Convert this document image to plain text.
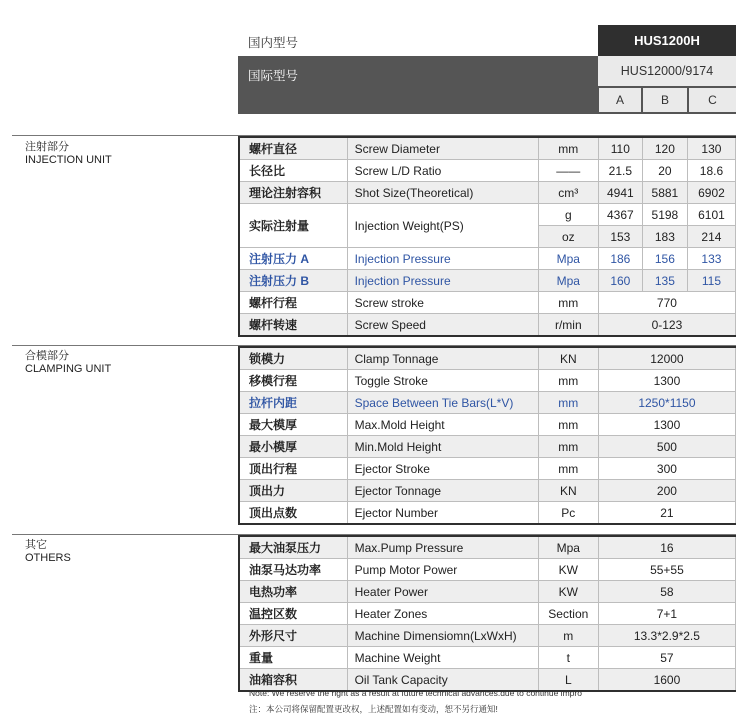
国内型号	HUS1200H
国际型号	HUS12000/9174
A	B	C
注射部分
INJECTION UNIT
螺杆直径	Screw Diameter	mm	110	120	130
长径比	Screw L/D Ratio	——	21.5	20	18.6
理论注射容积	Shot Size(Theoretical)	cm³	4941	5881	6902
实际注射量	Injection Weight(PS)	g	4367	5198	6101
		oz	153	183	214
注射压力 A	Injection Pressure	Mpa	186	156	133
注射压力 B	Injection Pressure	Mpa	160	135	115
螺杆行程	Screw stroke	mm	770		
螺杆转速	Screw Speed	r/min	0-123		
合模部分
CLAMPING UNIT
锁模力	Clamp Tonnage	KN	12000
移模行程	Toggle Stroke	mm	1300
拉杆内距	Space Between Tie Bars(L*V)	mm	1250*1150
最大模厚	Max.Mold Height	mm	1300
最小模厚	Min.Mold Height	mm	500
顶出行程	Ejector Stroke	mm	300
顶出力	Ejector Tonnage	KN	200
顶出点数	Ejector Number	Pc	21
其它
OTHERS
最大油泵压力	Max.Pump Pressure	Mpa	16
油泵马达功率	Pump Motor Power	KW	55+55
电热功率	Heater Power	KW	58
温控区数	Heater Zones	Section	7+1
外形尺寸	Machine Dimensiomn(LxWxH)	m	13.3*2.9*2.5
重量	Machine Weight	t	57
油箱容积	Oil Tank Capacity	L	1600
Note: We reserve the right as a result at future technical advances.due to continue impro
注：本公司将保留配置更改权，上述配置如有变动，恕不另行通知!
